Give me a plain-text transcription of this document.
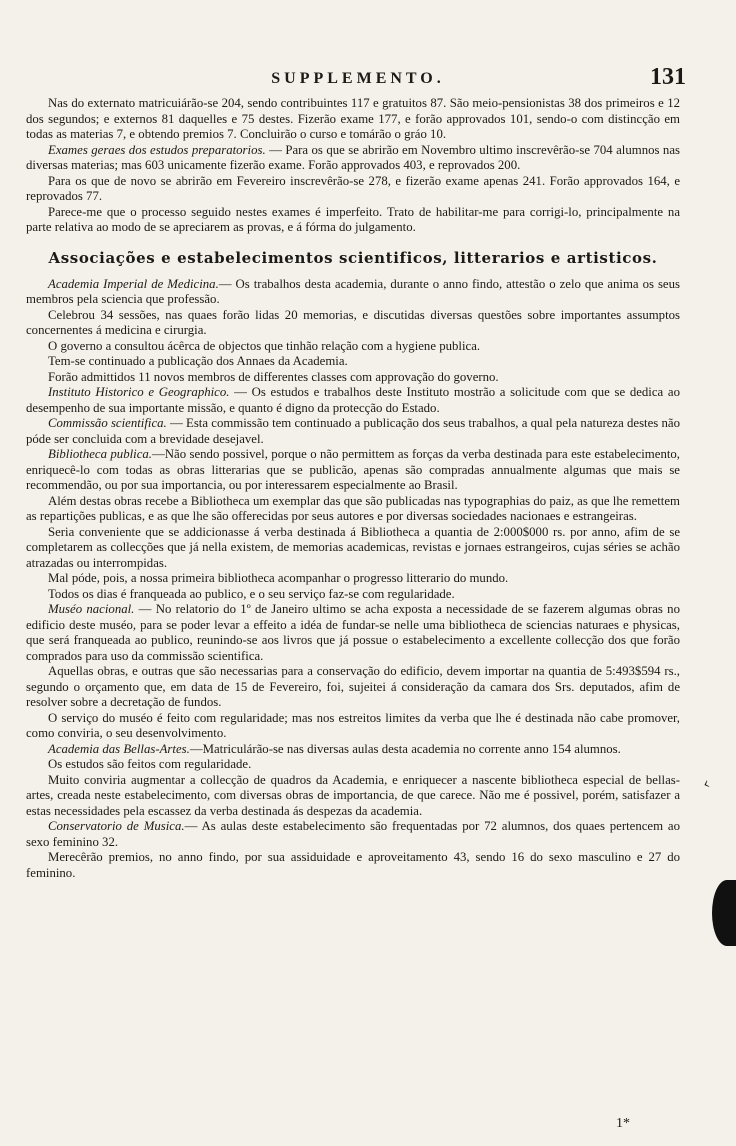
SUPPLEMENTO.	131

Nas do externato matricuiárão-se 204, sendo contribuintes 117 e gratuitos 87. São meio-pensionistas 38 dos primeiros e 12 dos segundos; e externos 81 daquelles e 75 destes. Fizerão exame 177, e forão approvados 101, sendo-o com distincção em todas as materias 7, e obtendo premios 7. Concluirão o curso e tomárão o gráo 10.

Exames geraes dos estudos preparatorios. — Para os que se abrirão em Novembro ultimo inscrevêrão-se 704 alumnos nas diversas materias; mas 603 unicamente fizerão exame. Forão approvados 403, e reprovados 200.

Para os que de novo se abrirão em Fevereiro inscrevêrão-se 278, e fizerão exame apenas 241. Forão approvados 164, e reprovados 77.

Parece-me que o processo seguido nestes exames é imperfeito. Trato de habilitar-me para corrigi-lo, principalmente na parte relativa ao modo de se apreciarem as provas, e á fórma do julgamento.

Associações e estabelecimentos scientificos, litterarios e artisticos.

Academia Imperial de Medicina.— Os trabalhos desta academia, durante o anno findo, attestão o zelo que anima os seus membros pela sciencia que professão.

Celebrou 34 sessões, nas quaes forão lidas 20 memorias, e discutidas diversas questões sobre importantes assumptos concernentes á medicina e cirurgia.

O governo a consultou ácêrca de objectos que tinhão relação com a hygiene publica.

Tem-se continuado a publicação dos Annaes da Academia.

Forão admittidos 11 novos membros de differentes classes com approvação do governo.

Instituto Historico e Geographico. — Os estudos e trabalhos deste Instituto mostrão a solicitude com que se dedica ao desempenho de sua importante missão, e quanto é digno da protecção do Estado.

Commissão scientifica. — Esta commissão tem continuado a publicação dos seus trabalhos, a qual pela natureza destes não póde ser concluida com a brevidade desejavel.

Bibliotheca publica.—Não sendo possivel, porque o não permittem as forças da verba destinada para este estabelecimento, enriquecê-lo com todas as obras litterarias que se publicão, apenas são compradas annualmente algumas que mais se recommendão, ou por sua importancia, ou por interessarem especialmente ao Brasil.

Além destas obras recebe a Bibliotheca um exemplar das que são publicadas nas typographias do paiz, as que lhe remettem as repartições publicas, e as que lhe são offerecidas por seus autores e por diversas sociedades nacionaes e estrangeiras.

Seria conveniente que se addicionasse á verba destinada á Bibliotheca a quantia de 2:000$000 rs. por anno, afim de se completarem as collecções que já nella existem, de memorias academicas, revistas e jornaes estrangeiros, cujas séries se achão atrazadas ou interrompidas.

Mal póde, pois, a nossa primeira bibliotheca acompanhar o progresso litterario do mundo.

Todos os dias é franqueada ao publico, e o seu serviço faz-se com regularidade.

Muséo nacional. — No relatorio do 1º de Janeiro ultimo se acha exposta a necessidade de se fazerem algumas obras no edificio deste muséo, para se poder levar a effeito a idéa de fundar-se nelle uma bibliotheca de sciencias naturaes e physicas, que será franqueada ao publico, reunindo-se aos livros que já possue o estabelecimento a excellente collecção dos que forão comprados para uso da commissão scientifica.

Aquellas obras, e outras que são necessarias para a conservação do edificio, devem importar na quantia de 5:493$594 rs., segundo o orçamento que, em data de 15 de Fevereiro, foi, sujeitei á consideração da camara dos Srs. deputados, afim de resolver sobre a decretação de fundos.

O serviço do muséo é feito com regularidade; mas nos estreitos limites da verba que lhe é destinada não cabe promover, como conviria, o seu desenvolvimento.

Academia das Bellas-Artes.—Matriculárão-se nas diversas aulas desta academia no corrente anno 154 alumnos.

Os estudos são feitos com regularidade.

Muito conviria augmentar a collecção de quadros da Academia, e enriquecer a nascente bibliotheca especial de bellas-artes, creada neste estabelecimento, com diversas obras de importancia, de que carece. Não me é possivel, porém, satisfazer a estas necessidades pela escassez da verba destinada ás despezas da academia.

Conservatorio de Musica.— As aulas deste estabelecimento são frequentadas por 72 alumnos, dos quaes pertencem ao sexo feminino 32.

Merecêrão premios, no anno findo, por sua assiduidade e aproveitamento 43, sendo 16 do sexo masculino e 27 do feminino.

1*
‹
